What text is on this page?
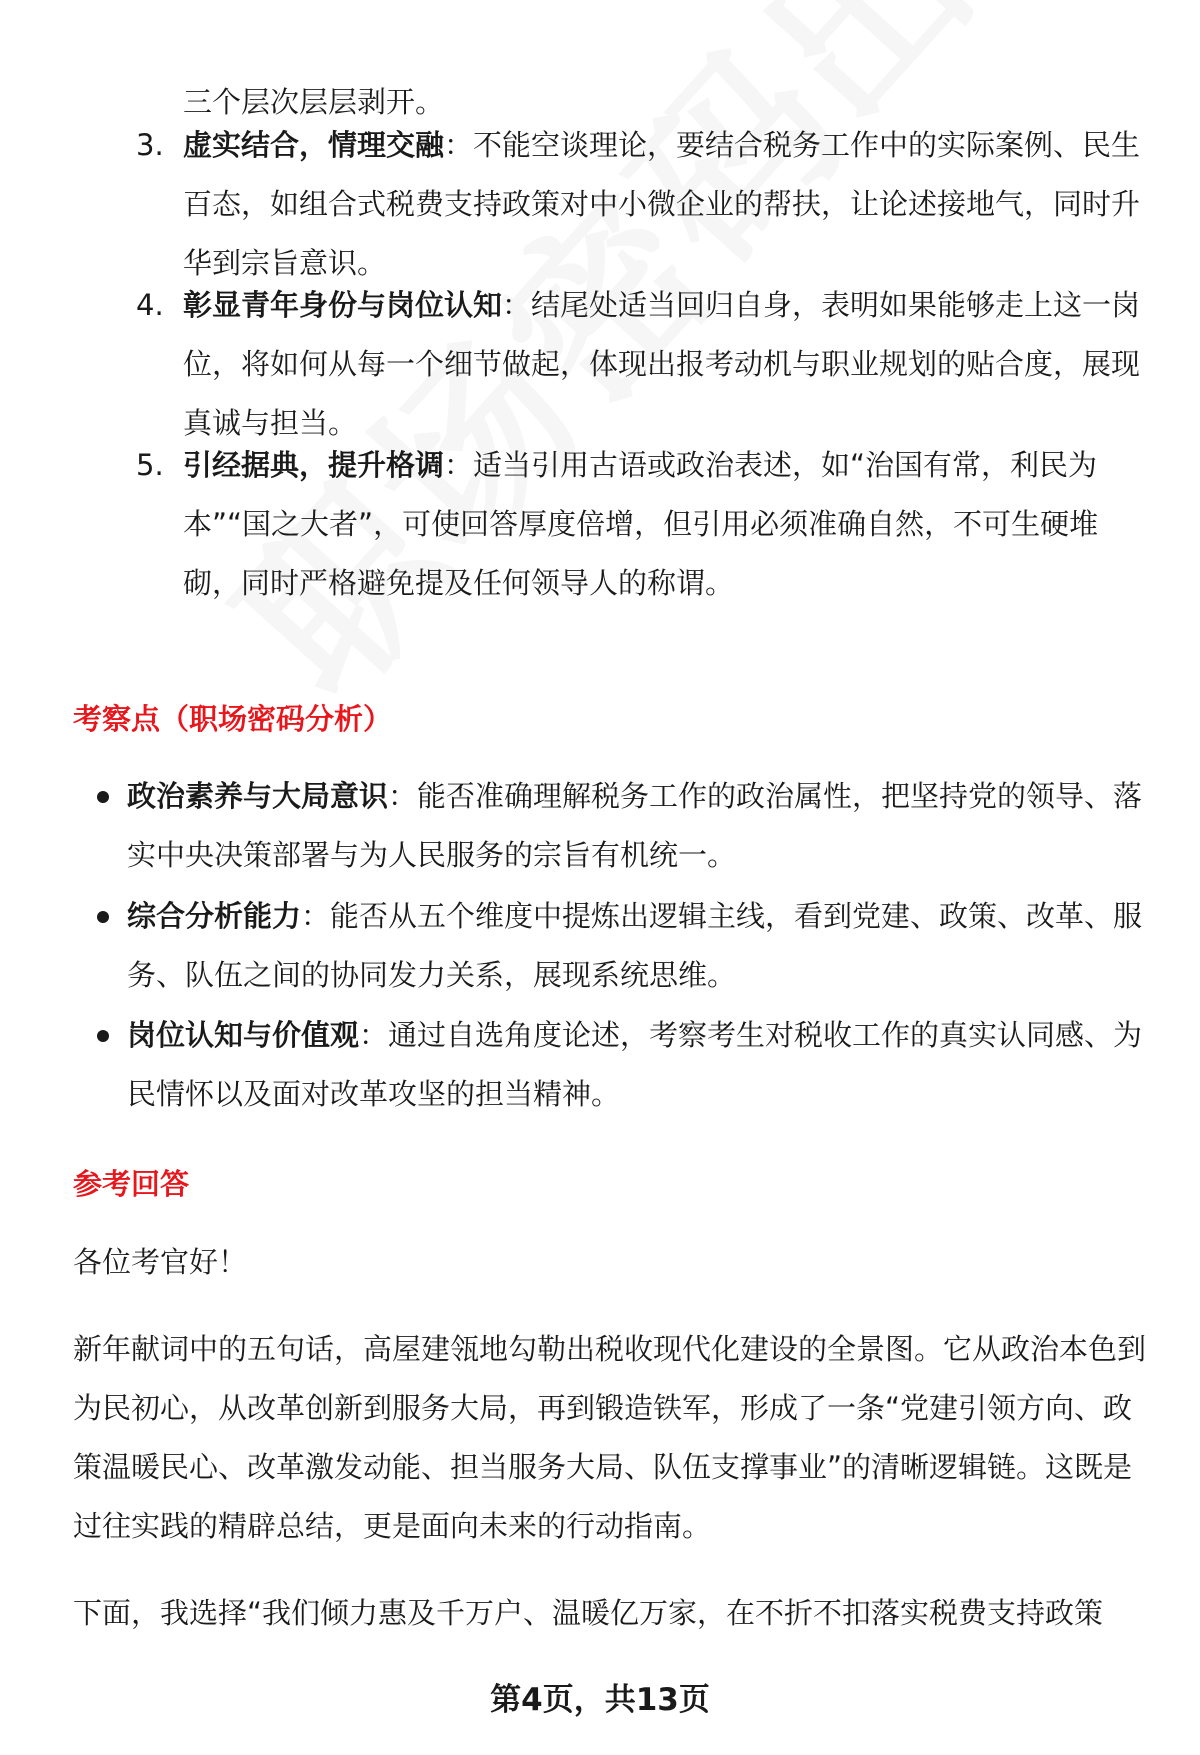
三个层次层层剥开。
3. 虚实结合，情理交融：不能空谈理论，要结合税务工作中的实际案例、民生百态，如组合式税费支持政策对中小微企业的帮扶，让论述接地气，同时升华到宗旨意识。
4. 彰显青年身份与岗位认知：结尾处适当回归自身，表明如果能够走上这一岗位，将如何从每一个细节做起，体现出报考动机与职业规划的贴合度，展现真诚与担当。
5. 引经据典，提升格调：适当引用古语或政治表述，如“治国有常，利民为本”“国之大者”，可使回答厚度倍增，但引用必须准确自然，不可生硬堆砌，同时严格避免提及任何领导人的称谓。
考察点（职场密码分析）
政治素养与大局意识：能否准确理解税务工作的政治属性，把坚持党的领导、落实中央决策部署与为人民服务的宗旨有机统一。
综合分析能力：能否从五个维度中提炼出逻辑主线，看到党建、政策、改革、服务、队伍之间的协同发力关系，展现系统思维。
岗位认知与价值观：通过自选角度论述，考察考生对税收工作的真实认同感、为民情怀以及面对改革攻坚的担当精神。
参考回答
各位考官好！
新年献词中的五句话，高屋建瓴地勾勒出税收现代化建设的全景图。它从政治本色到为民初心，从改革创新到服务大局，再到锻造铁军，形成了一条“党建引领方向、政策温暖民心、改革激发动能、担当服务大局、队伍支撑事业”的清晰逻辑链。这既是过往实践的精辟总结，更是面向未来的行动指南。
下面，我选择“我们倾力惠及千万户、温暖亿万家，在不折不扣落实税费支持政策
第4页，共13页
